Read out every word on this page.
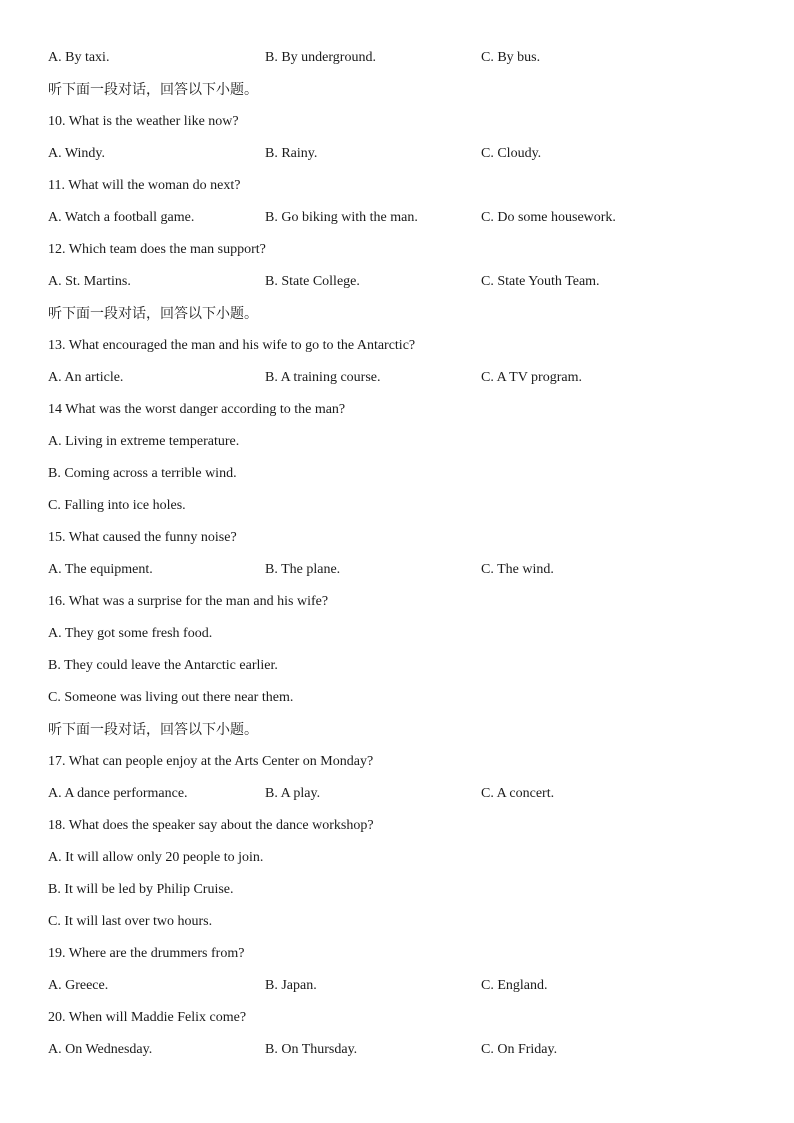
A. By taxi.	B. By underground.	C. By bus.
听下面一段对话，回答以下小题。
10. What is the weather like now?
A. Windy.	B. Rainy.	C. Cloudy.
11. What will the woman do next?
A. Watch a football game.	B. Go biking with the man.	C. Do some housework.
12. Which team does the man support?
A. St. Martins.	B. State College.	C. State Youth Team.
听下面一段对话，回答以下小题。
13. What encouraged the man and his wife to go to the Antarctic?
A. An article.	B. A training course.	C. A TV program.
14 What was the worst danger according to the man?
A. Living in extreme temperature.
B. Coming across a terrible wind.
C. Falling into ice holes.
15. What caused the funny noise?
A. The equipment.	B. The plane.	C. The wind.
16. What was a surprise for the man and his wife?
A. They got some fresh food.
B. They could leave the Antarctic earlier.
C. Someone was living out there near them.
听下面一段对话，回答以下小题。
17. What can people enjoy at the Arts Center on Monday?
A. A dance performance.	B. A play.	C. A concert.
18. What does the speaker say about the dance workshop?
A. It will allow only 20 people to join.
B. It will be led by Philip Cruise.
C. It will last over two hours.
19. Where are the drummers from?
A. Greece.	B. Japan.	C. England.
20. When will Maddie Felix come?
A. On Wednesday.	B. On Thursday.	C. On Friday.
